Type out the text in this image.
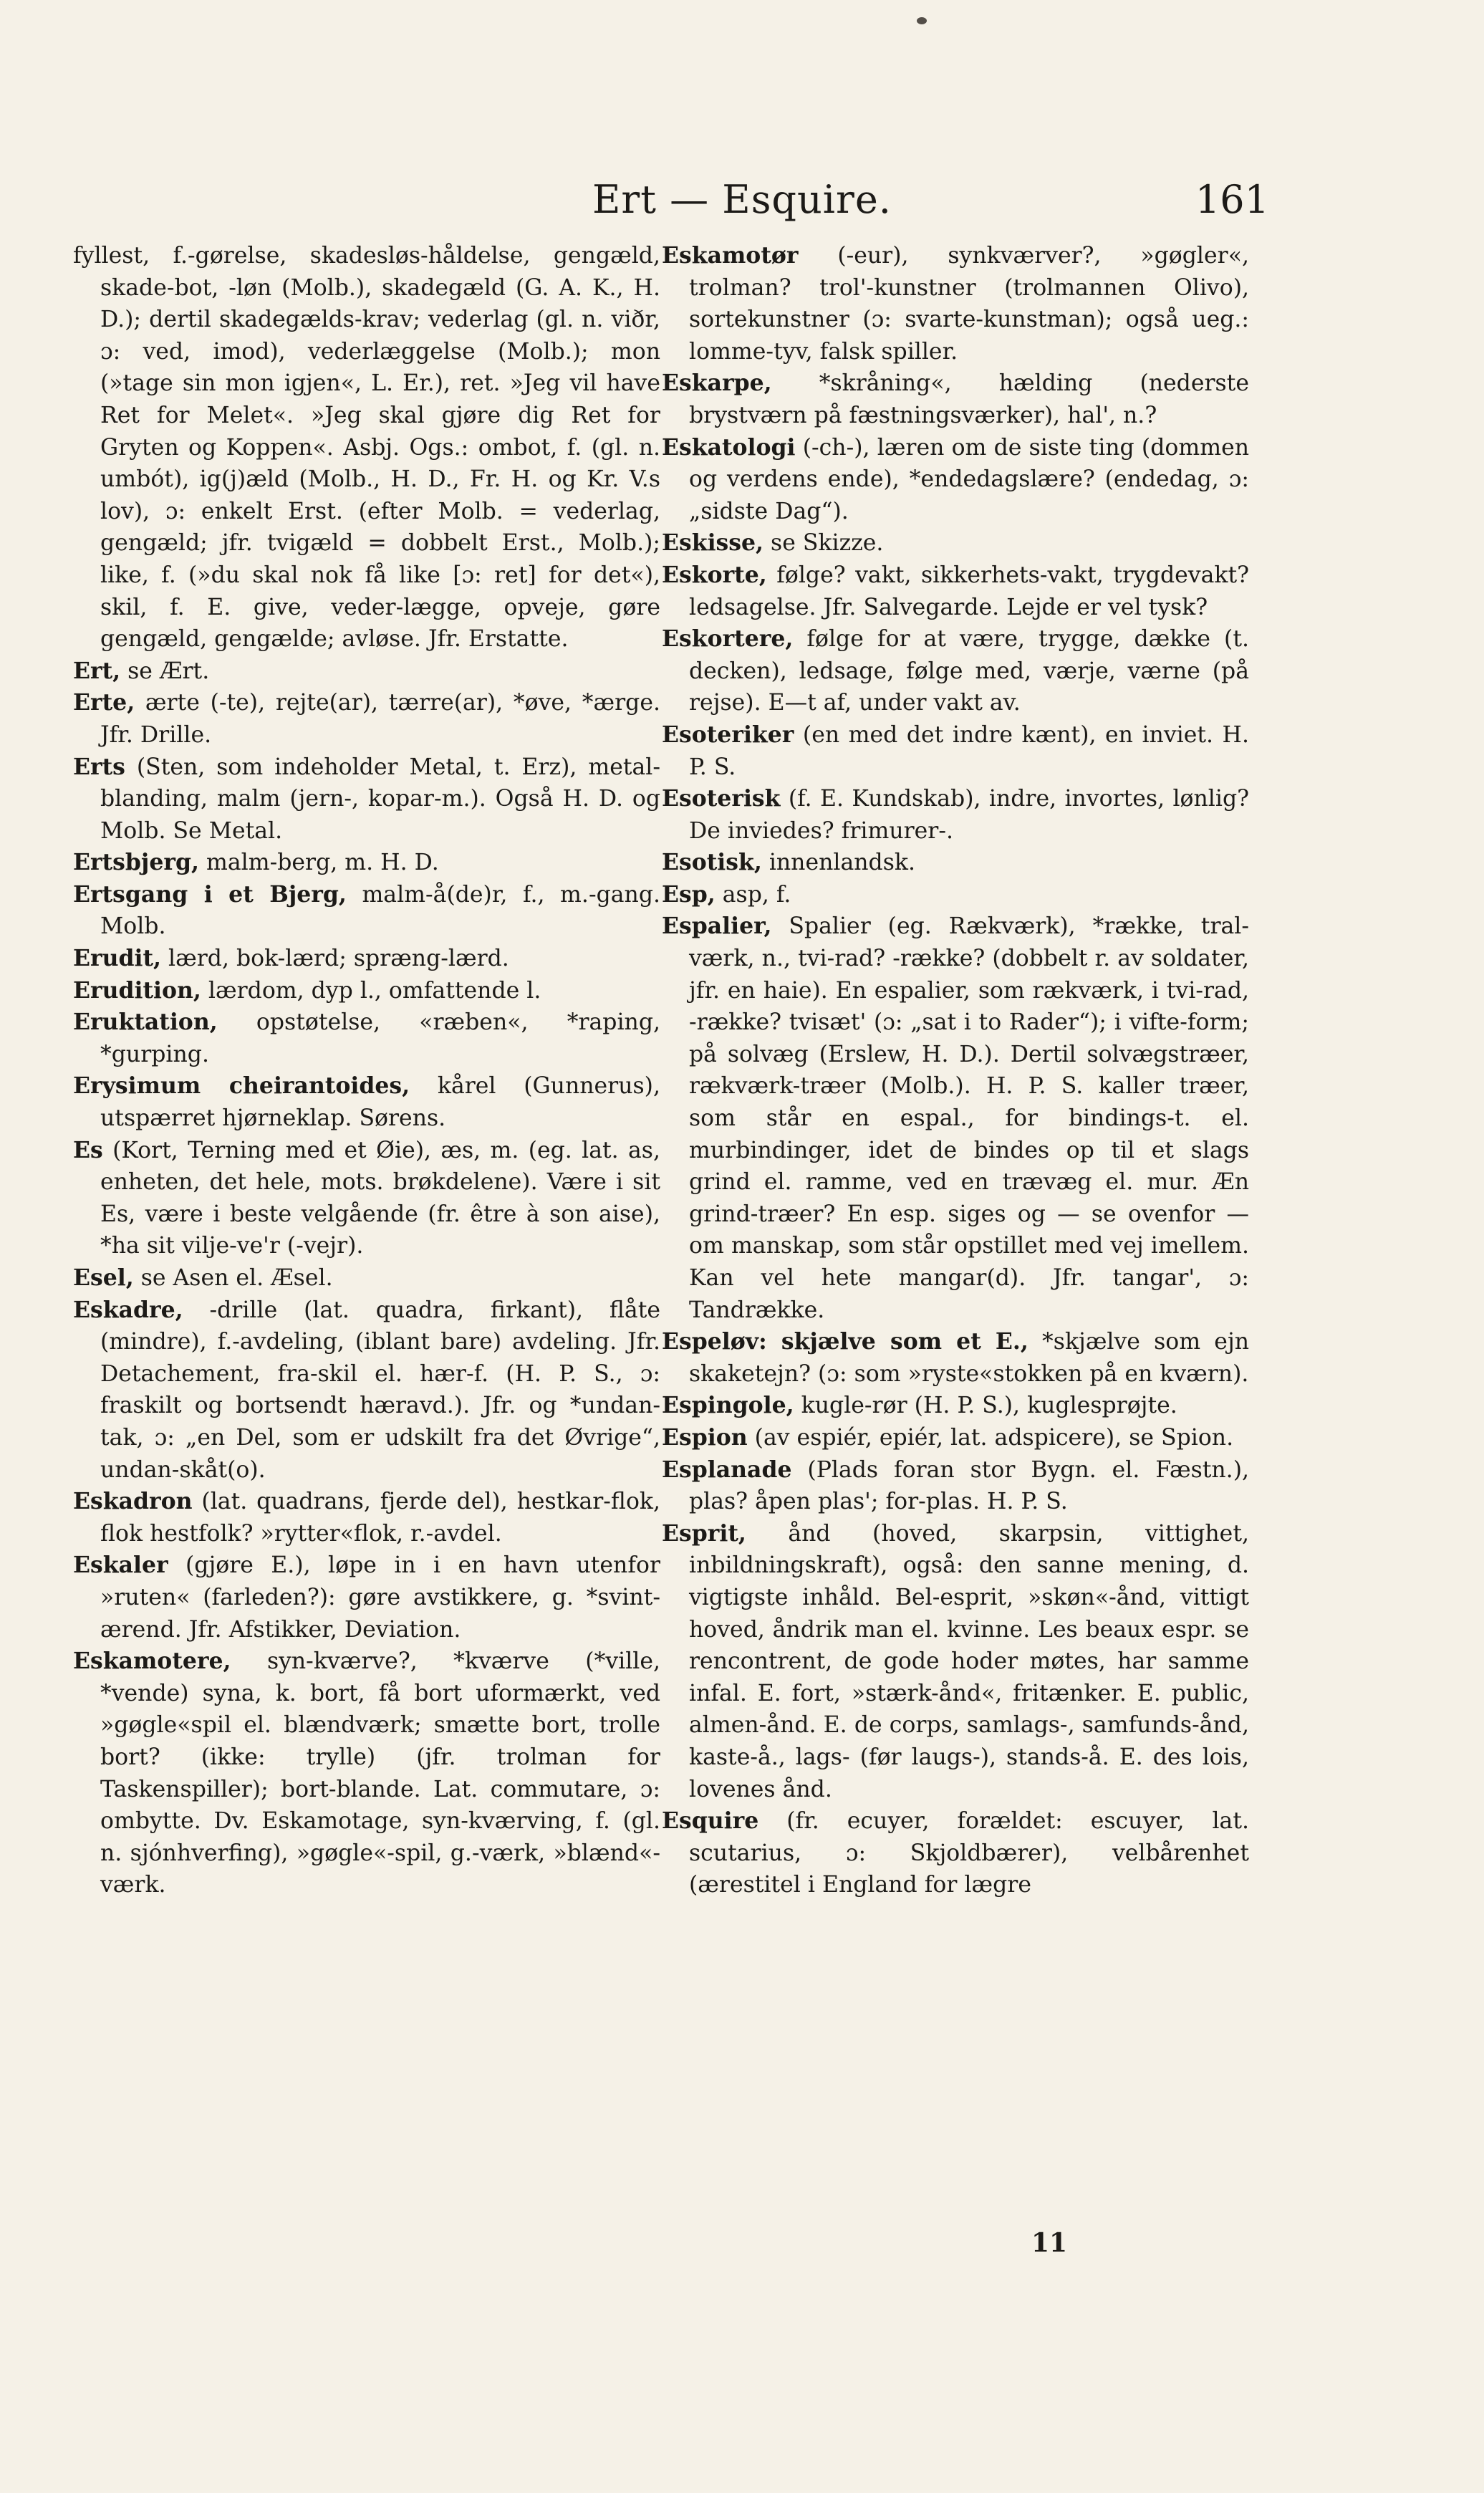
Ert — Esquire.	161

fyllest, f.-gørelse, skadesløs-håldelse, gengæld, skade-bot, -løn (Molb.), skadegæld (G. A. K., H. D.); dertil skadegælds-krav; vederlag (gl. n. viðr, ɔ: ved, imod), vederlæggelse (Molb.); mon (»tage sin mon igjen«, L. Er.), ret. »Jeg vil have Ret for Melet«. »Jeg skal gjøre dig Ret for Gryten og Koppen«. Asbj. Ogs.: ombot, f. (gl. n. umbót), ig(j)æld (Molb., H. D., Fr. H. og Kr. V.s lov), ɔ: enkelt Erst. (efter Molb. = vederlag, gengæld; jfr. tvigæld = dobbelt Erst., Molb.); like, f. (»du skal nok få like [ɔ: ret] for det«), skil, f. E. give, veder-lægge, opveje, gøre gengæld, gengælde; avløse. Jfr. Erstatte.

Ert, se Ært.

Erte, ærte (-te), rejte(ar), tærre(ar), *øve, *ærge. Jfr. Drille.

Erts (Sten, som indeholder Metal, t. Erz), metal-blanding, malm (jern-, kopar-m.). Også H. D. og Molb. Se Metal.

Ertsbjerg, malm-berg, m. H. D.

Ertsgang i et Bjerg, malm-å(de)r, f., m.-gang. Molb.

Erudit, lærd, bok-lærd; spræng-lærd.

Erudition, lærdom, dyp l., omfattende l.

Eruktation, opstøtelse, «ræben«, *raping, *gurping.

Erysimum cheirantoides, kårel (Gunnerus), utspærret hjørneklap. Sørens.

Es (Kort, Terning med et Øie), æs, m. (eg. lat. as, enheten, det hele, mots. brøkdelene). Være i sit Es, være i beste velgående (fr. être à son aise), *ha sit vilje-ve'r (-vejr).

Esel, se Asen el. Æsel.

Eskadre, -drille (lat. quadra, firkant), flåte (mindre), f.-avdeling, (iblant bare) avdeling. Jfr. Detachement, fra-skil el. hær-f. (H. P. S., ɔ: fraskilt og bortsendt hæravd.). Jfr. og *undan-tak, ɔ: „en Del, som er udskilt fra det Øvrige“, undan-skåt(o).

Eskadron (lat. quadrans, fjerde del), hestkar-flok, flok hestfolk? »rytter«flok, r.-avdel.

Eskaler (gjøre E.), løpe in i en havn utenfor »ruten« (farleden?): gøre avstikkere, g. *svint-ærend. Jfr. Afstikker, Deviation.

Eskamotere, syn-kværve?, *kværve (*ville, *vende) syna, k. bort, få bort uformærkt, ved »gøgle«spil el. blændværk; smætte bort, trolle bort? (ikke: trylle) (jfr. trolman for Taskenspiller); bort-blande. Lat. commutare, ɔ: ombytte. Dv. Eskamotage, syn-kværving, f. (gl. n. sjónhverfing), »gøgle«-spil, g.-værk, »blænd«-værk.

Eskamotør (-eur), synkværver?, »gøgler«, trolman? trol'-kunstner (trolmannen Olivo), sortekunstner (ɔ: svarte-kunstman); også ueg.: lomme-tyv, falsk spiller.

Eskarpe, *skråning«, hælding (nederste brystværn på fæstningsværker), hal', n.?

Eskatologi (-ch-), læren om de siste ting (dommen og verdens ende), *endedagslære? (endedag, ɔ: „sidste Dag“).

Eskisse, se Skizze.

Eskorte, følge? vakt, sikkerhets-vakt, trygdevakt? ledsagelse. Jfr. Salvegarde. Lejde er vel tysk?

Eskortere, følge for at være, trygge, dække (t. decken), ledsage, følge med, værje, værne (på rejse). E—t af, under vakt av.

Esoteriker (en med det indre kænt), en inviet. H. P. S.

Esoterisk (f. E. Kundskab), indre, invortes, lønlig? De inviedes? frimurer-.

Esotisk, innenlandsk.

Esp, asp, f.

Espalier, Spalier (eg. Rækværk), *række, tral-værk, n., tvi-rad? -række? (dobbelt r. av soldater, jfr. en haie). En espalier, som rækværk, i tvi-rad, -række? tvisæt' (ɔ: „sat i to Rader“); i vifte-form; på solvæg (Erslew, H. D.). Dertil solvægstræer, rækværk-træer (Molb.). H. P. S. kaller træer, som står en espal., for bindings-t. el. murbindinger, idet de bindes op til et slags grind el. ramme, ved en trævæg el. mur. Æn grind-træer? En esp. siges og — se ovenfor — om manskap, som står opstillet med vej imellem. Kan vel hete mangar(d). Jfr. tangar', ɔ: Tandrække.

Espeløv: skjælve som et E., *skjælve som ejn skaketejn? (ɔ: som »ryste«stokken på en kværn).

Espingole, kugle-rør (H. P. S.), kuglesprøjte.

Espion (av espiér, epiér, lat. adspicere), se Spion.

Esplanade (Plads foran stor Bygn. el. Fæstn.), plas? åpen plas'; for-plas. H. P. S.

Esprit, ånd (hoved, skarpsin, vittighet, inbildningskraft), også: den sanne mening, d. vigtigste inhåld. Bel-esprit, »skøn«-ånd, vittigt hoved, åndrik man el. kvinne. Les beaux espr. se rencontrent, de gode hoder møtes, har samme infal. E. fort, »stærk-ånd«, fritænker. E. public, almen-ånd. E. de corps, samlags-, samfunds-ånd, kaste-å., lags- (før laugs-), stands-å. E. des lois, lovenes ånd.

Esquire (fr. ecuyer, forældet: escuyer, lat. scutarius, ɔ: Skjoldbærer), velbårenhet (ærestitel i England for lægre

11
